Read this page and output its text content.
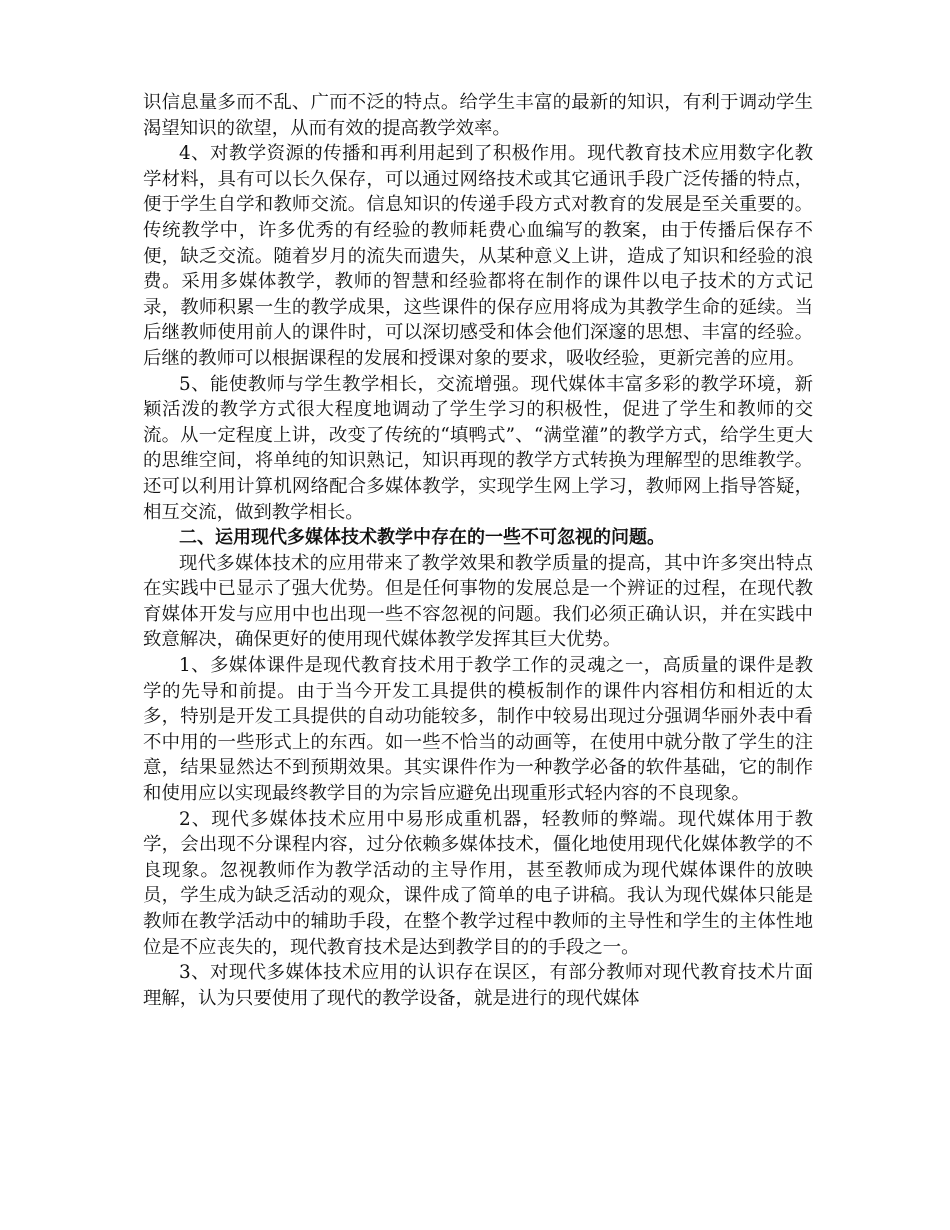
识信息量多而不乱、广而不泛的特点。给学生丰富的最新的知识，有利于调动学生渴望知识的欲望，从而有效的提高教学效率。

4、对教学资源的传播和再利用起到了积极作用。现代教育技术应用数字化教学材料，具有可以长久保存，可以通过网络技术或其它通讯手段广泛传播的特点，便于学生自学和教师交流。信息知识的传递手段方式对教育的发展是至关重要的。传统教学中，许多优秀的有经验的教师耗费心血编写的教案，由于传播后保存不便，缺乏交流。随着岁月的流失而遗失，从某种意义上讲，造成了知识和经验的浪费。采用多媒体教学，教师的智慧和经验都将在制作的课件以电子技术的方式记录，教师积累一生的教学成果，这些课件的保存应用将成为其教学生命的延续。当后继教师使用前人的课件时，可以深切感受和体会他们深邃的思想、丰富的经验。后继的教师可以根据课程的发展和授课对象的要求，吸收经验，更新完善的应用。

5、能使教师与学生教学相长，交流增强。现代媒体丰富多彩的教学环境，新颖活泼的教学方式很大程度地调动了学生学习的积极性，促进了学生和教师的交流。从一定程度上讲，改变了传统的“填鸭式”、“满堂灌”的教学方式，给学生更大的思维空间，将单纯的知识熟记，知识再现的教学方式转换为理解型的思维教学。还可以利用计算机网络配合多媒体教学，实现学生网上学习，教师网上指导答疑，相互交流，做到教学相长。

二、运用现代多媒体技术教学中存在的一些不可忽视的问题。

现代多媒体技术的应用带来了教学效果和教学质量的提高，其中许多突出特点在实践中已显示了强大优势。但是任何事物的发展总是一个辨证的过程，在现代教育媒体开发与应用中也出现一些不容忽视的问题。我们必须正确认识，并在实践中致意解决，确保更好的使用现代媒体教学发挥其巨大优势。

1、多媒体课件是现代教育技术用于教学工作的灵魂之一，高质量的课件是教学的先导和前提。由于当今开发工具提供的模板制作的课件内容相仿和相近的太多，特别是开发工具提供的自动功能较多，制作中较易出现过分强调华丽外表中看不中用的一些形式上的东西。如一些不恰当的动画等，在使用中就分散了学生的注意，结果显然达不到预期效果。其实课件作为一种教学必备的软件基础，它的制作和使用应以实现最终教学目的为宗旨应避免出现重形式轻内容的不良现象。

2、现代多媒体技术应用中易形成重机器，轻教师的弊端。现代媒体用于教学，会出现不分课程内容，过分依赖多媒体技术，僵化地使用现代化媒体教学的不良现象。忽视教师作为教学活动的主导作用，甚至教师成为现代媒体课件的放映员，学生成为缺乏活动的观众，课件成了简单的电子讲稿。我认为现代媒体只能是教师在教学活动中的辅助手段，在整个教学过程中教师的主导性和学生的主体性地位是不应丧失的，现代教育技术是达到教学目的的手段之一。

3、对现代多媒体技术应用的认识存在误区，有部分教师对现代教育技术片面理解，认为只要使用了现代的教学设备，就是进行的现代媒体
